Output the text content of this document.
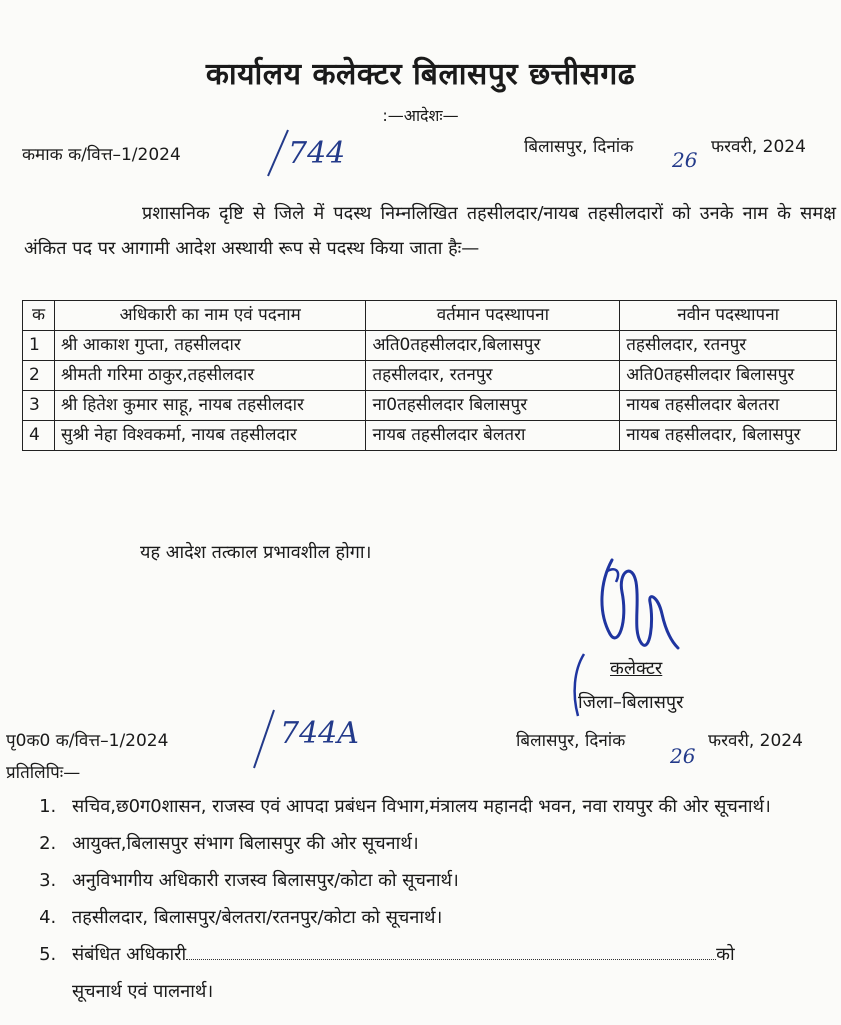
कार्यालय कलेक्टर बिलासपुर छत्तीसगढ
:—आदेशः—
कमाक क/वित्त–1/2024	744	बिलासपुर, दिनांक
26
फरवरी, 2024
प्रशासनिक दृष्टि से जिले में पदस्थ निम्नलिखित तहसीलदार/नायब तहसीलदारों को उनके नाम के समक्ष अंकित पद पर आगामी आदेश अस्थायी रूप से पदस्थ किया जाता हैः—
क	अधिकारी का नाम एवं पदनाम	वर्तमान पदस्थापना	नवीन पदस्थापना
1	श्री आकाश गुप्ता, तहसीलदार	अति0तहसीलदार,बिलासपुर	तहसीलदार, रतनपुर
2	श्रीमती गरिमा ठाकुर,तहसीलदार	तहसीलदार, रतनपुर	अति0तहसीलदार बिलासपुर
3	श्री हितेश कुमार साहू, नायब तहसीलदार	ना0तहसीलदार बिलासपुर	नायब तहसीलदार बेलतरा
4	सुश्री नेहा विश्वकर्मा, नायब तहसीलदार	नायब तहसीलदार बेलतरा	नायब तहसीलदार, बिलासपुर
यह आदेश तत्काल प्रभावशील होगा।
कलेक्टर
जिला–बिलासपुर
पृ0क0 क/वित्त–1/2024	744A	बिलासपुर, दिनांक
26
फरवरी, 2024
प्रतिलिपिः—
1. सचिव,छ0ग0शासन, राजस्व एवं आपदा प्रबंधन विभाग,मंत्रालय महानदी भवन, नवा रायपुर की ओर सूचनार्थ।
2. आयुक्त,बिलासपुर संभाग बिलासपुर की ओर सूचनार्थ।
3. अनुविभागीय अधिकारी राजस्व बिलासपुर/कोटा को सूचनार्थ।
4. तहसीलदार, बिलासपुर/बेलतरा/रतनपुर/कोटा को सूचनार्थ।
5. संबंधित अधिकारी	को
सूचनार्थ एवं पालनार्थ।
